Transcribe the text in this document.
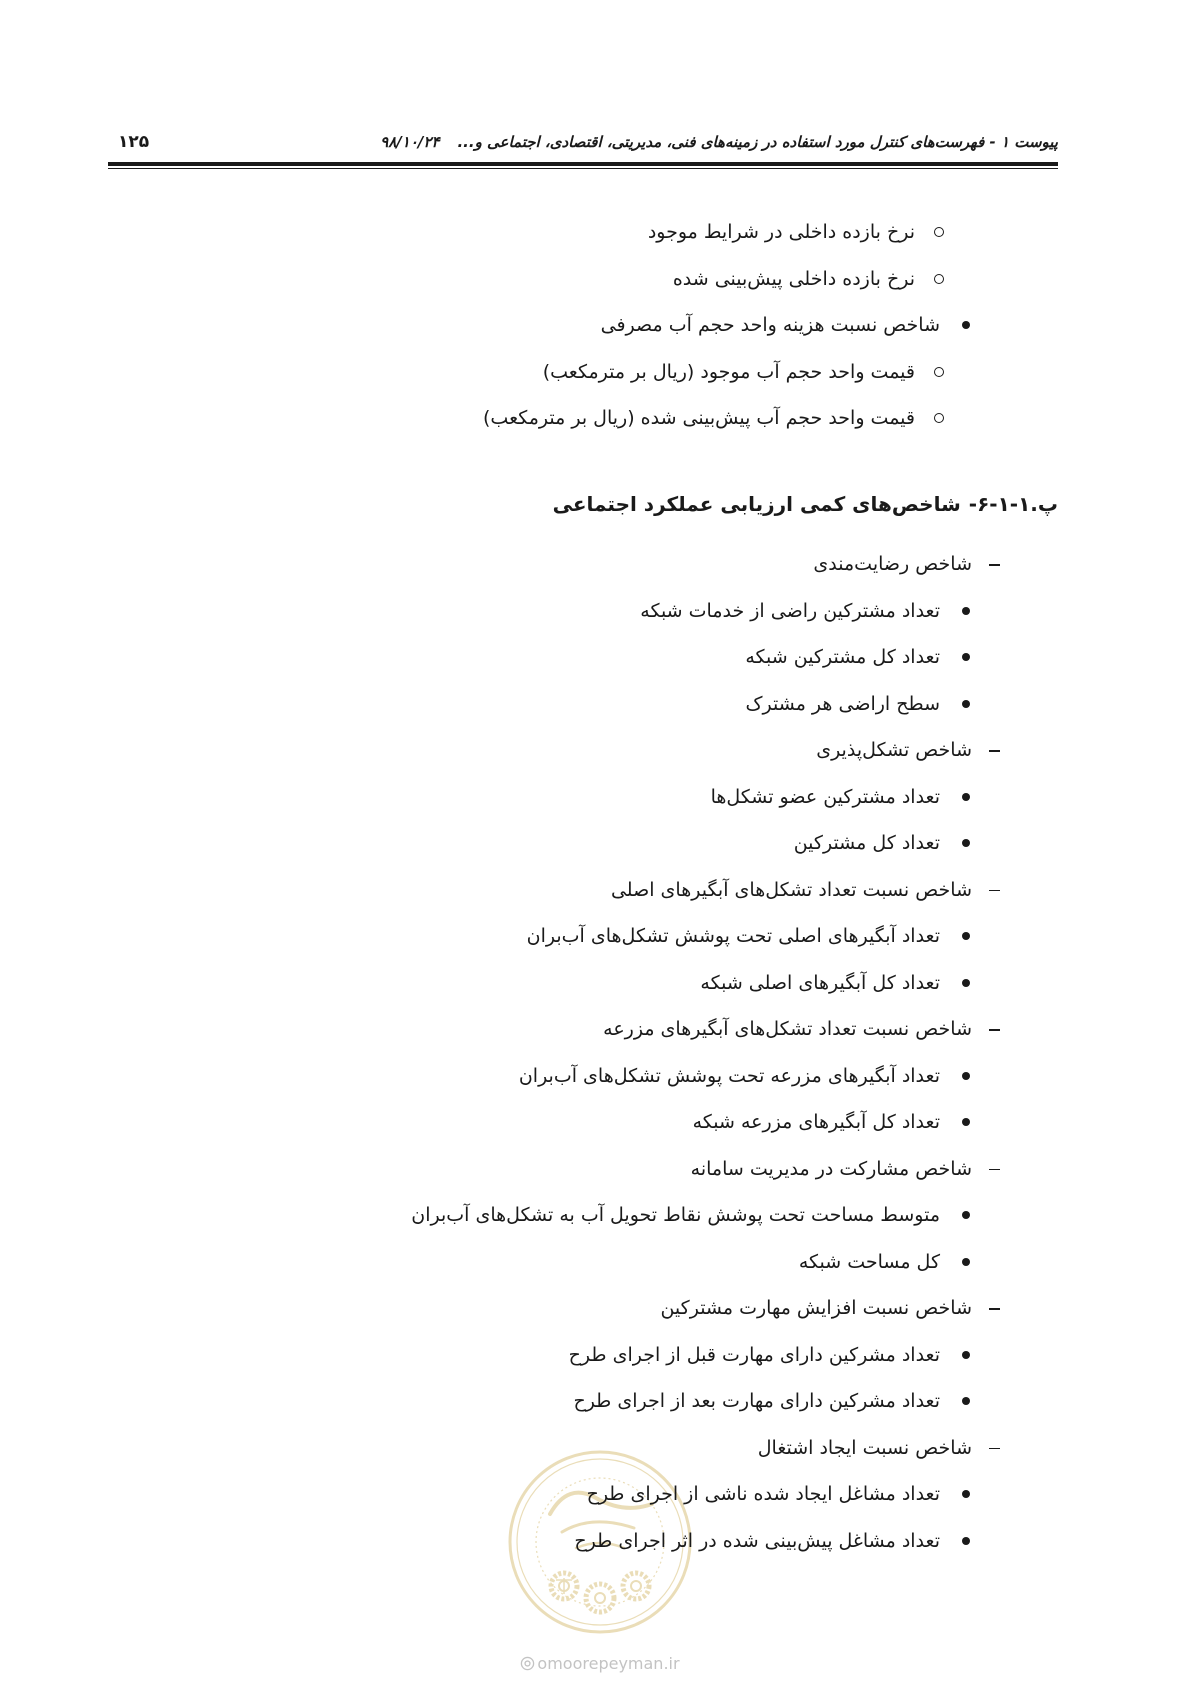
پیوست ۱ - فهرست‌های کنترل مورد استفاده در زمینه‌های فنی، مدیریتی، اقتصادی، اجتماعی و...
۹۸/۱۰/۲۴
۱۲۵
نرخ بازده داخلی در شرایط موجود
نرخ بازده داخلی پیش‌بینی شده
شاخص نسبت هزینه واحد حجم آب مصرفی
قیمت واحد حجم آب موجود (ریال بر مترمکعب)
قیمت واحد حجم آب پیش‌بینی شده (ریال بر مترمکعب)
پ.۱-۱-۶-شاخص‌های کمی ارزیابی عملکرد اجتماعی
شاخص رضایت‌مندی
تعداد مشترکین راضی از خدمات شبکه
تعداد کل مشترکین شبکه
سطح اراضی هر مشترک
شاخص تشکل‌پذیری
تعداد مشترکین عضو تشکل‌ها
تعداد کل مشترکین
شاخص نسبت تعداد تشکل‌های آبگیرهای اصلی
تعداد آبگیرهای اصلی تحت پوشش تشکل‌های آب‌بران
تعداد کل آبگیرهای اصلی شبکه
شاخص نسبت تعداد تشکل‌های آبگیرهای مزرعه
تعداد آبگیرهای مزرعه تحت پوشش تشکل‌های آب‌بران
تعداد کل آبگیرهای مزرعه شبکه
شاخص مشارکت در مدیریت سامانه
متوسط مساحت تحت پوشش نقاط تحویل آب به تشکل‌های آب‌بران
کل مساحت شبکه
شاخص نسبت افزایش مهارت مشترکین
تعداد مشرکین دارای مهارت قبل از اجرای طرح
تعداد مشرکین دارای مهارت بعد از اجرای طرح
شاخص نسبت ایجاد اشتغال
تعداد مشاغل ایجاد شده ناشی از اجرای طرح
تعداد مشاغل پیش‌بینی شده در اثر اجرای طرح
omoorepeyman.ir
